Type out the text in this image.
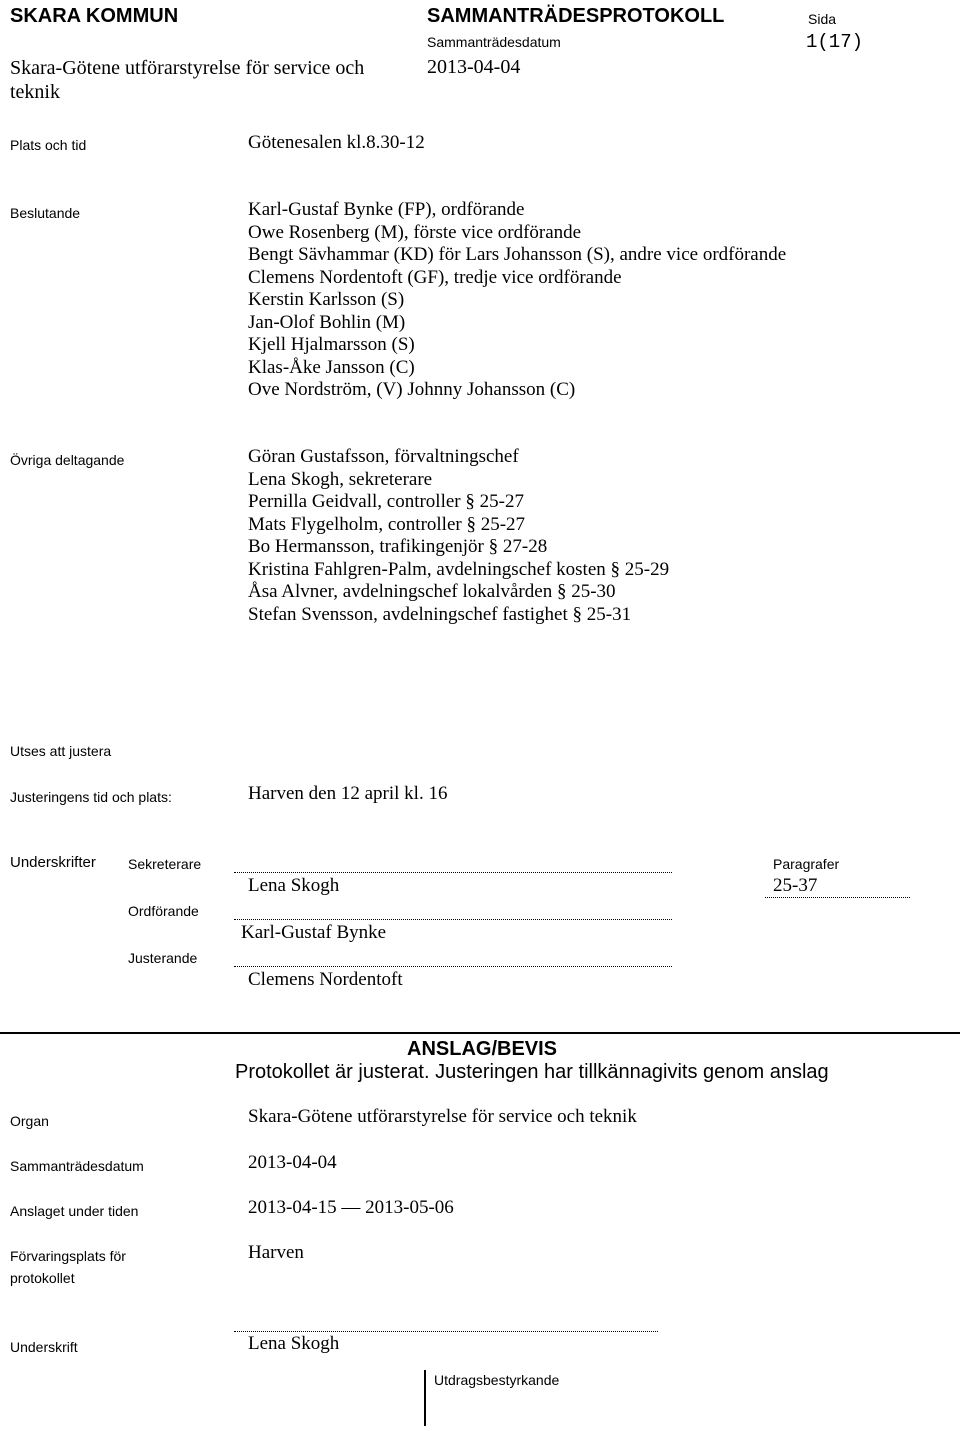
SKARA KOMMUN
Skara-Götene utförarstyrelse för service och
teknik
SAMMANTRÄDESPROTOKOLL
Sammanträdesdatum
2013-04-04
Sida
1(17)
Plats och tid	Götenesalen kl.8.30-12
Beslutande	Karl-Gustaf Bynke (FP), ordförande
Owe Rosenberg (M), förste vice ordförande
Bengt Sävhammar (KD) för Lars Johansson (S), andre vice ordförande
Clemens Nordentoft (GF), tredje vice ordförande
Kerstin Karlsson (S)
Jan-Olof Bohlin (M)
Kjell Hjalmarsson (S)
Klas-Åke Jansson (C)
Ove Nordström, (V) Johnny Johansson (C)
Övriga deltagande	Göran Gustafsson, förvaltningschef
Lena Skogh, sekreterare
Pernilla Geidvall, controller § 25-27
Mats Flygelholm, controller § 25-27
Bo Hermansson, trafikingenjör § 27-28
Kristina Fahlgren-Palm, avdelningschef kosten § 25-29
Åsa Alvner, avdelningschef lokalvården § 25-30
Stefan Svensson, avdelningschef fastighet § 25-31
Utses att justera
Justeringens tid och plats:	Harven den 12 april kl. 16
Underskrifter Sekreterare
Lena Skogh
Ordförande
Karl-Gustaf Bynke
Justerande
Clemens Nordentoft
Paragrafer
25-37
ANSLAG/BEVIS
Protokollet är justerat. Justeringen har tillkännagivits genom anslag
Organ	Skara-Götene utförarstyrelse för service och teknik
Sammanträdesdatum	2013-04-04
Anslaget under tiden	2013-04-15 — 2013-05-06
Förvaringsplats för
protokollet
Harven
Underskrift	Lena Skogh
Utdragsbestyrkande
